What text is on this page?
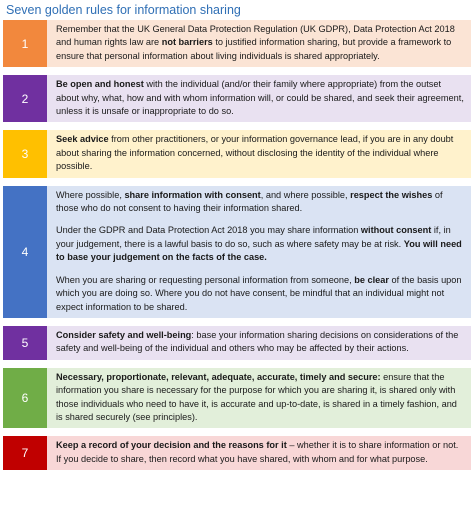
Seven golden rules for information sharing
1

Remember that the UK General Data Protection Regulation (UK GDPR), Data Protection Act 2018 and human rights law are not barriers to justified information sharing, but provide a framework to ensure that personal information about living individuals is shared appropriately.

2

Be open and honest with the individual (and/or their family where appropriate) from the outset about why, what, how and with whom information will, or could be shared, and seek their agreement, unless it is unsafe or inappropriate to do so.

3

Seek advice from other practitioners, or your information governance lead, if you are in any doubt about sharing the information concerned, without disclosing the identity of the individual where possible.

4

Where possible, share information with consent, and where possible, respect the wishes of those who do not consent to having their information shared.

Under the GDPR and Data Protection Act 2018 you may share information without consent if, in your judgement, there is a lawful basis to do so, such as where safety may be at risk. You will need to base your judgement on the facts of the case.

When you are sharing or requesting personal information from someone, be clear of the basis upon which you are doing so. Where you do not have consent, be mindful that an individual might not expect information to be shared.

5

Consider safety and well-being: base your information sharing decisions on considerations of the safety and well-being of the individual and others who may be affected by their actions.

6

Necessary, proportionate, relevant, adequate, accurate, timely and secure: ensure that the information you share is necessary for the purpose for which you are sharing it, is shared only with those individuals who need to have it, is accurate and up-to-date, is shared in a timely fashion, and is shared securely (see principles).

7

Keep a record of your decision and the reasons for it – whether it is to share information or not. If you decide to share, then record what you have shared, with whom and for what purpose.
